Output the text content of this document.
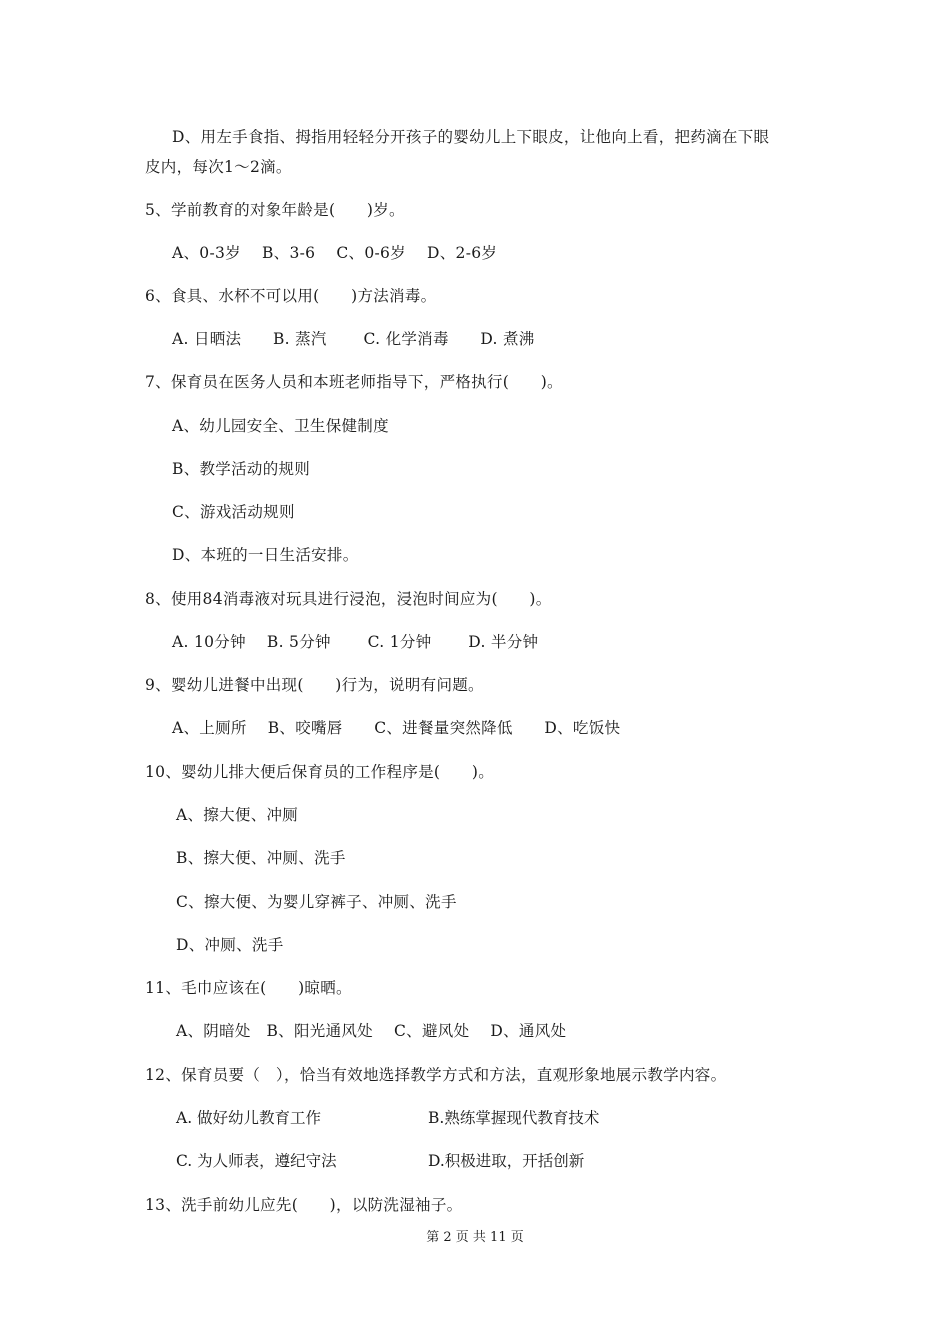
D、用左手食指、拇指用轻轻分开孩子的婴幼儿上下眼皮，让他向上看，把药滴在下眼
皮内，每次1～2滴。
5、学前教育的对象年龄是(　　)岁。
A、0-3岁　 B、3-6　 C、0-6岁　 D、2-6岁
6、食具、水杯不可以用(　　)方法消毒。
A. 日晒法　　B. 蒸汽　　 C. 化学消毒　　D. 煮沸
7、保育员在医务人员和本班老师指导下，严格执行(　　)。
A、幼儿园安全、卫生保健制度
B、教学活动的规则
C、游戏活动规则
D、本班的一日生活安排。
8、使用84消毒液对玩具进行浸泡，浸泡时间应为(　　)。
A. 10分钟　 B. 5分钟　　 C. 1分钟　　 D. 半分钟
9、婴幼儿进餐中出现(　　)行为，说明有问题。
A、上厕所　 B、咬嘴唇　　C、进餐量突然降低　　D、吃饭快
10、婴幼儿排大便后保育员的工作程序是(　　)。
A、擦大便、冲厕
B、擦大便、冲厕、洗手
C、擦大便、为婴儿穿裤子、冲厕、洗手
D、冲厕、洗手
11、毛巾应该在(　　)晾晒。
A、阴暗处　B、阳光通风处　 C、避风处　 D、通风处
12、保育员要（　），恰当有效地选择教学方式和方法，直观形象地展示教学内容。
A. 做好幼儿教育工作	B.熟练掌握现代教育技术
C. 为人师表，遵纪守法	D.积极进取，开括创新
13、洗手前幼儿应先(　　)，以防洗湿袖子。
第 2 页 共 11 页
